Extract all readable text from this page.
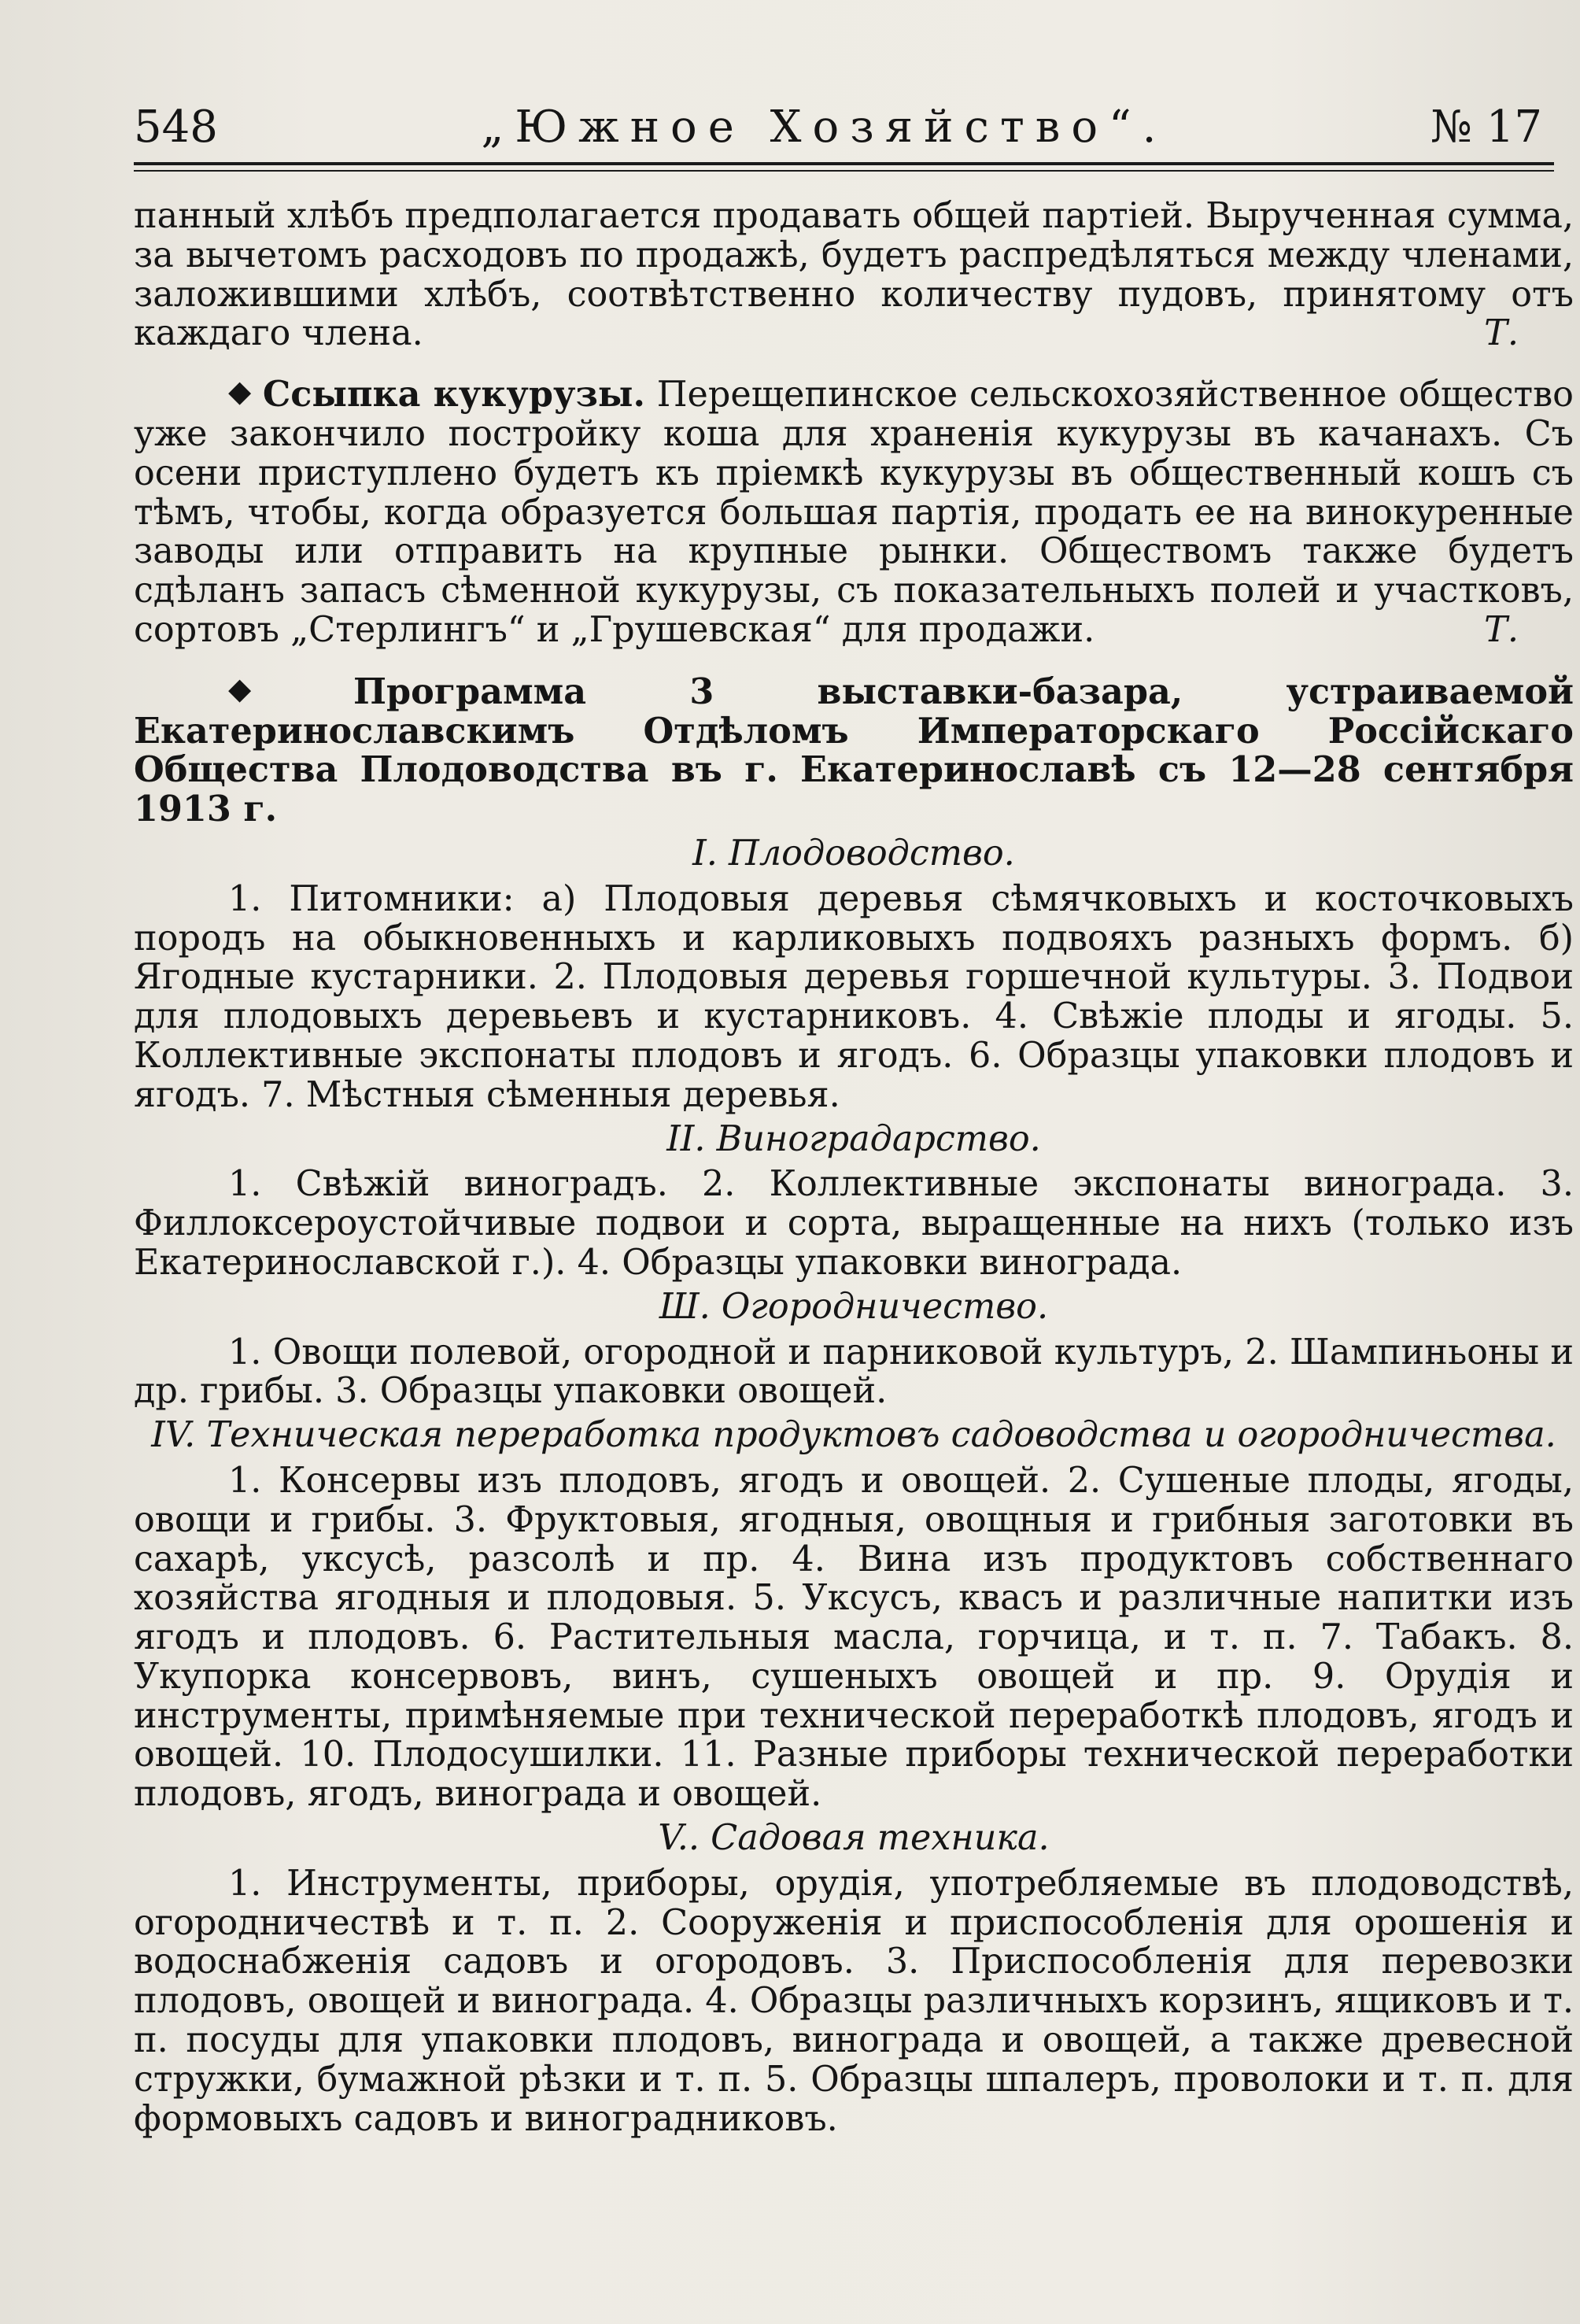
548	„Южное Хозяйство“.	№ 17

панный хлѣбъ предполагается продавать общей партіей. Вырученная сумма, за вычетомъ расходовъ по продажѣ, будетъ распредѣляться между членами, заложившими хлѣбъ, соотвѣтственно количеству пудовъ, принятому отъ каждаго члена.	Т.

◆ Ссыпка кукурузы. Перещепинское сельскохозяйственное общество уже закончило постройку коша для храненія кукурузы въ качанахъ. Съ осени приступлено будетъ къ пріемкѣ кукурузы въ общественный кошъ съ тѣмъ, чтобы, когда образуется большая партія, продать ее на винокуренные заводы или отправить на крупные рынки. Обществомъ также будетъ сдѣланъ запасъ сѣменной кукурузы, съ показательныхъ полей и участковъ, сортовъ „Стерлингъ“ и „Грушевская“ для продажи.	Т.

◆ Программа 3 выставки-базара, устраиваемой Екатеринославскимъ Отдѣломъ Императорскаго Россійскаго Общества Плодоводства въ г. Екатеринославѣ съ 12—28 сентября 1913 г.

I. Плодоводство.

1. Питомники: а) Плодовыя деревья сѣмячковыхъ и косточковыхъ породъ на обыкновенныхъ и карликовыхъ подвояхъ разныхъ формъ. б) Ягодные кустарники. 2. Плодовыя деревья горшечной культуры. 3. Подвои для плодовыхъ деревьевъ и кустарниковъ. 4. Свѣжіе плоды и ягоды. 5. Коллективные экспонаты плодовъ и ягодъ. 6. Образцы упаковки плодовъ и ягодъ. 7. Мѣстныя сѣменныя деревья.

II. Виноградарство.

1. Свѣжій виноградъ. 2. Коллективные экспонаты винограда. 3. Филлоксероустойчивые подвои и сорта, выращенные на нихъ (только изъ Екатеринославской г.). 4. Образцы упаковки винограда.

Ш. Огородничество.

1. Овощи полевой, огородной и парниковой культуръ, 2. Шампиньоны и др. грибы. 3. Образцы упаковки овощей.

IV. Техническая переработка продуктовъ садоводства и огородничества.

1. Консервы изъ плодовъ, ягодъ и овощей. 2. Сушеные плоды, ягоды, овощи и грибы. 3. Фруктовыя, ягодныя, овощныя и грибныя заготовки въ сахарѣ, уксусѣ, разсолѣ и пр. 4. Вина изъ продуктовъ собственнаго хозяйства ягодныя и плодовыя. 5. Уксусъ, квасъ и различные напитки изъ ягодъ и плодовъ. 6. Растительныя масла, горчица, и т. п. 7. Табакъ. 8. Укупорка консервовъ, винъ, сушеныхъ овощей и пр. 9. Орудія и инструменты, примѣняемые при технической переработкѣ плодовъ, ягодъ и овощей. 10. Плодосушилки. 11. Разные приборы технической переработки плодовъ, ягодъ, винограда и овощей.

V.. Садовая техника.

1. Инструменты, приборы, орудія, употребляемые въ плодоводствѣ, огородничествѣ и т. п. 2. Сооруженія и приспособленія для орошенія и водоснабженія садовъ и огородовъ. 3. Приспособленія для перевозки плодовъ, овощей и винограда. 4. Образцы различныхъ корзинъ, ящиковъ и т. п. посуды для упаковки плодовъ, винограда и овощей, а также древесной стружки, бумажной рѣзки и т. п. 5. Образцы шпалеръ, проволоки и т. п. для формовыхъ садовъ и виноградниковъ.
